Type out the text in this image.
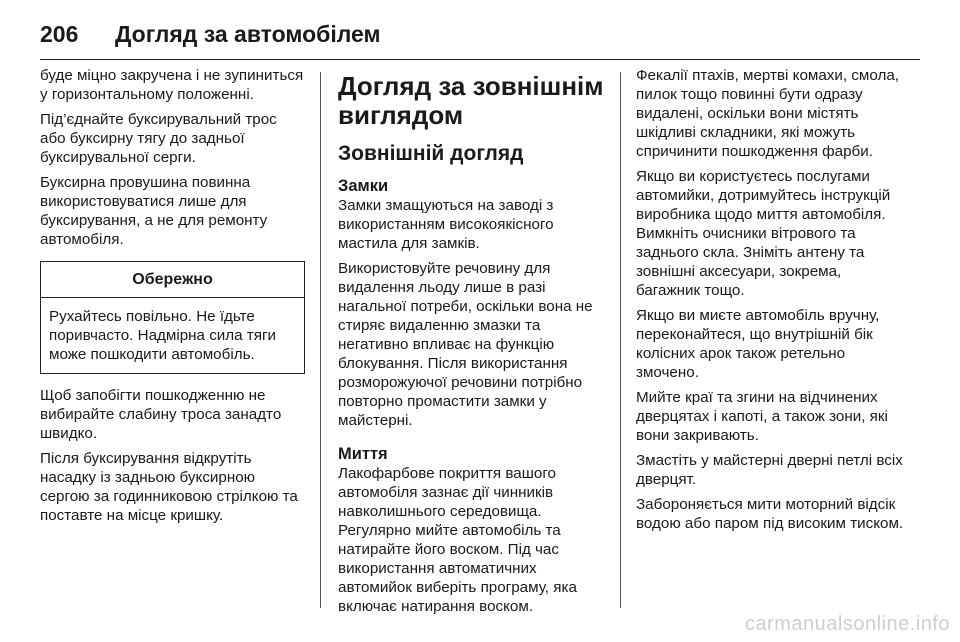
206	Догляд за автомобілем

буде міцно закручена і не зупиниться у горизонтальному положенні.

Під’єднайте буксирувальний трос або буксирну тягу до задньої буксирувальної серги.

Буксирна провушина повинна використовуватися лише для буксирування, а не для ремонту автомобіля.

Обережно
Рухайтесь повільно. Не їдьте поривчасто. Надмірна сила тяги може пошкодити автомобіль.

Щоб запобігти пошкодженню не вибирайте слабину троса занадто швидко.

Після буксирування відкрутіть насадку із задньою буксирною сергою за годинниковою стрілкою та поставте на місце кришку.

Догляд за зовнішнім виглядом
Зовнішній догляд
Замки

Замки змащуються на заводі з використанням високоякісного мастила для замків.

Використовуйте речовину для видалення льоду лише в разі нагальної потреби, оскільки вона не стиряє видаленню змазки та негативно впливає на функцію блокування. Після використання розморожуючої речовини потрібно повторно промастити замки у майстерні.

Миття

Лакофарбове покриття вашого автомобіля зазнає дії чинників навколишнього середовища. Регулярно мийте автомобіль та натирайте його воском. Під час використання автоматичних автомийок виберіть програму, яка включає натирання воском.

Фекалії птахів, мертві комахи, смола, пилок тощо повинні бути одразу видалені, оскільки вони містять шкідливі складники, які можуть спричинити пошкодження фарби.

Якщо ви користуєтесь послугами автомийки, дотримуйтесь інструкцій виробника щодо миття автомобіля. Вимкніть очисники вітрового та заднього скла. Зніміть антену та зовнішні аксесуари, зокрема, багажник тощо.

Якщо ви миєте автомобіль вручну, переконайтеся, що внутрішній бік колісних арок також ретельно змочено.

Мийте краї та згини на відчинених дверцятах і капоті, а також зони, які вони закривають.

Змастіть у майстерні дверні петлі всіх дверцят.

Забороняється мити моторний відсік водою або паром під високим тиском.

carmanualsonline.info
